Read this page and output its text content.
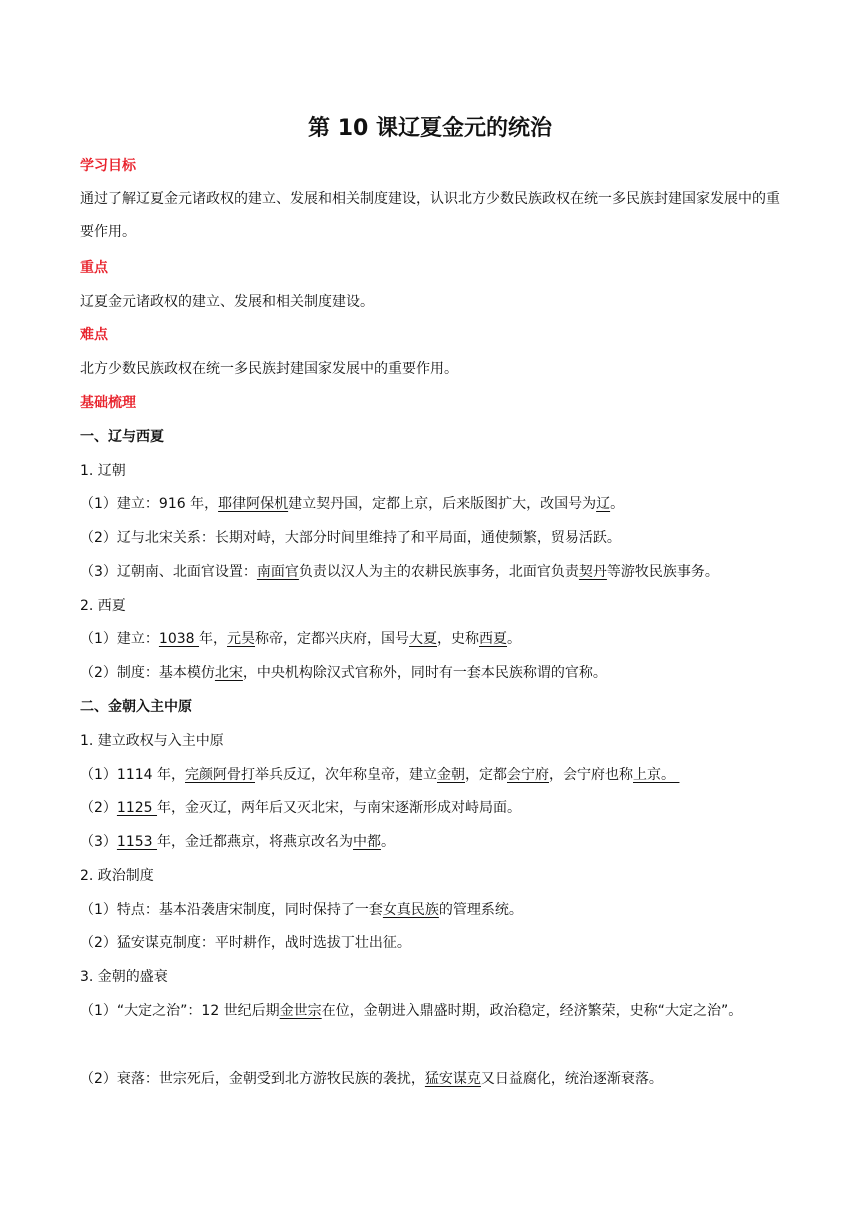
第 10 课辽夏金元的统治
学习目标
通过了解辽夏金元诸政权的建立、发展和相关制度建设，认识北方少数民族政权在统一多民族封建国家发展中的重要作用。
重点
辽夏金元诸政权的建立、发展和相关制度建设。
难点
北方少数民族政权在统一多民族封建国家发展中的重要作用。
基础梳理
一、辽与西夏
1. 辽朝
（1）建立：916 年，耶律阿保机建立契丹国，定都上京，后来版图扩大，改国号为辽。
（2）辽与北宋关系：长期对峙，大部分时间里维持了和平局面，通使频繁，贸易活跃。
（3）辽朝南、北面官设置：南面官负责以汉人为主的农耕民族事务，北面官负责契丹等游牧民族事务。
2. 西夏
（1）建立：1038 年，元昊称帝，定都兴庆府，国号大夏，史称西夏。
（2）制度：基本模仿北宋，中央机构除汉式官称外，同时有一套本民族称谓的官称。
二、金朝入主中原
1. 建立政权与入主中原
（1）1114 年，完颜阿骨打举兵反辽，次年称皇帝，建立金朝，定都会宁府，会宁府也称上京。
（2）1125 年，金灭辽，两年后又灭北宋，与南宋逐渐形成对峙局面。
（3）1153 年，金迁都燕京，将燕京改名为中都。
2. 政治制度
（1）特点：基本沿袭唐宋制度，同时保持了一套女真民族的管理系统。
（2）猛安谋克制度：平时耕作，战时选拔丁壮出征。
3. 金朝的盛衰
（1）“大定之治”：12 世纪后期金世宗在位，金朝进入鼎盛时期，政治稳定，经济繁荣，史称“大定之治”。
（2）衰落：世宗死后，金朝受到北方游牧民族的袭扰，猛安谋克又日益腐化，统治逐渐衰落。
